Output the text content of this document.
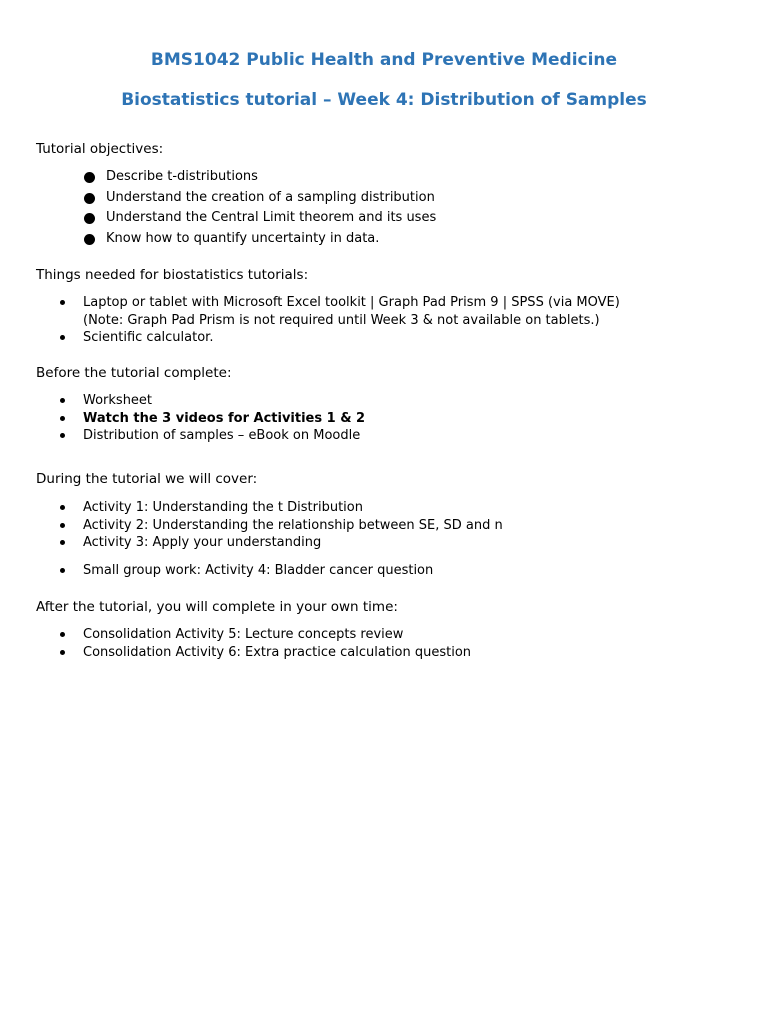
BMS1042 Public Health and Preventive Medicine
Biostatistics tutorial – Week 4: Distribution of Samples

Tutorial objectives:

Describe t-distributions
Understand the creation of a sampling distribution
Understand the Central Limit theorem and its uses
Know how to quantify uncertainty in data.

Things needed for biostatistics tutorials:

Laptop or tablet with Microsoft Excel toolkit | Graph Pad Prism 9 | SPSS (via MOVE)
(Note: Graph Pad Prism is not required until Week 3 & not available on tablets.)
Scientific calculator.

Before the tutorial complete:

Worksheet
Watch the 3 videos for Activities 1 & 2
Distribution of samples – eBook on Moodle

During the tutorial we will cover:

Activity 1: Understanding the t Distribution
Activity 2: Understanding the relationship between SE, SD and n
Activity 3: Apply your understanding
Small group work: Activity 4: Bladder cancer question

After the tutorial, you will complete in your own time:

Consolidation Activity 5: Lecture concepts review
Consolidation Activity 6: Extra practice calculation question
